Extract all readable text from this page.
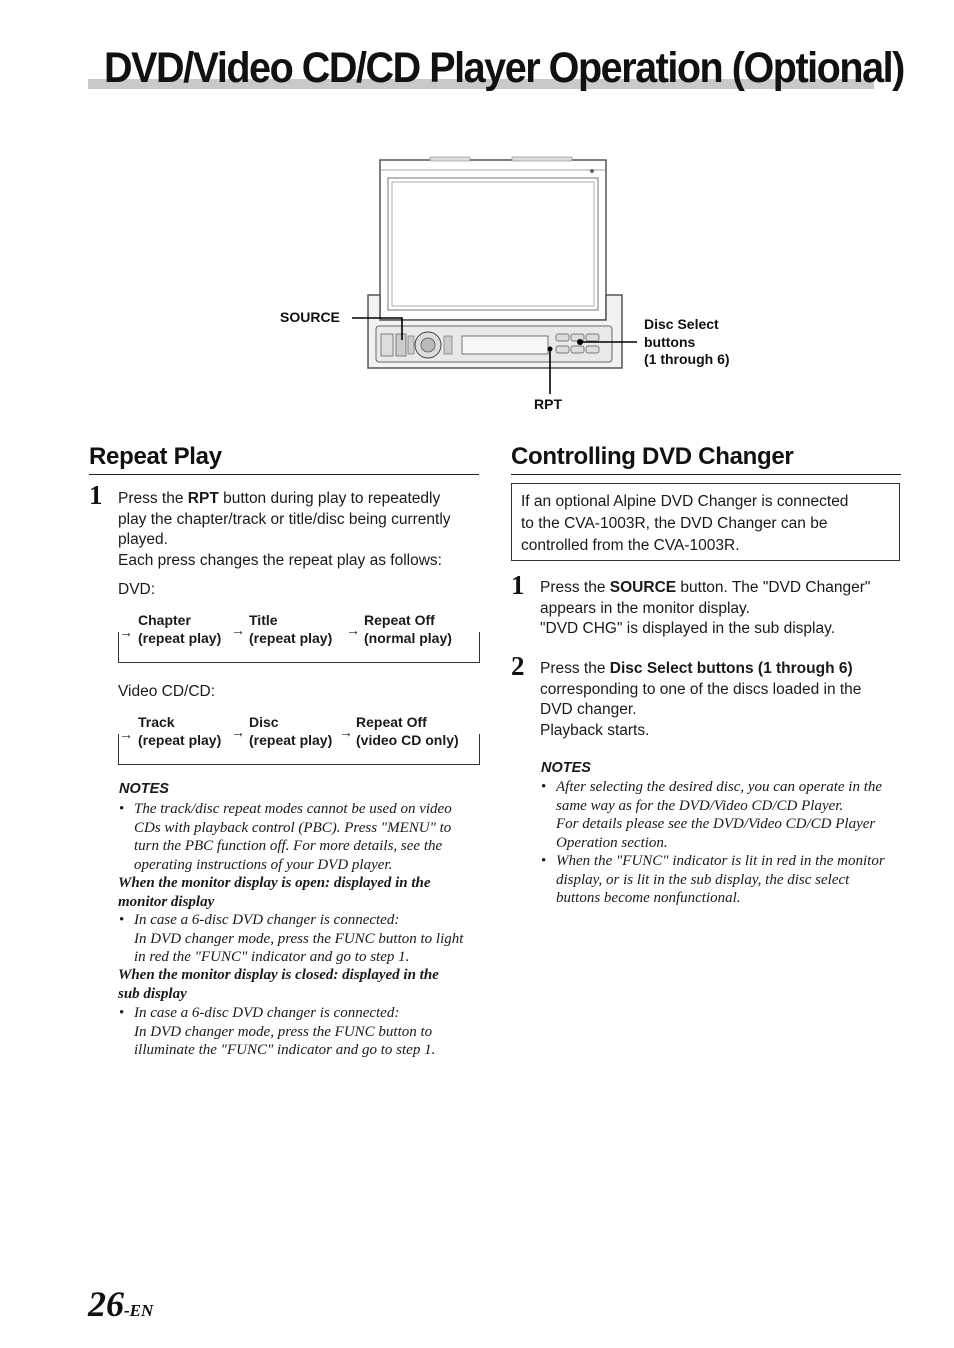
DVD/Video CD/CD Player Operation (Optional)
SOURCE	Disc Select
buttons
(1 through 6)
RPT
Repeat Play
1 Press the RPT button during play to repeatedly
play the chapter/track or title/disc being currently
played.
Each press changes the repeat play as follows:
DVD:
→
Chapter
(repeat play) →
Title
(repeat play) →
Repeat Off
(normal play)
Video CD/CD:
→
Track
(repeat play) →
Disc
(repeat play) →
Repeat Off
(video CD only)
NOTES
• The track/disc repeat modes cannot be used on video
CDs with playback control (PBC). Press "MENU" to
turn the PBC function off. For more details, see the
operating instructions of your DVD player.
When the monitor display is open: displayed in the
monitor display
• In case a 6-disc DVD changer is connected:
In DVD changer mode, press the FUNC button to light
in red the "FUNC" indicator and go to step 1.
When the monitor display is closed: displayed in the
sub display
• In case a 6-disc DVD changer is connected:
In DVD changer mode, press the FUNC button to
illuminate the "FUNC" indicator and go to step 1.
Controlling DVD Changer
If an optional Alpine DVD Changer is connected
to the CVA-1003R, the DVD Changer can be
controlled from the CVA-1003R.
1 Press the SOURCE button. The "DVD Changer"
appears in the monitor display.
"DVD CHG" is displayed in the sub display.
2 Press the Disc Select buttons (1 through 6)
corresponding to one of the discs loaded in the
DVD changer.
Playback starts.
NOTES
• After selecting the desired disc, you can operate in the
same way as for the DVD/Video CD/CD Player.
For details please see the DVD/Video CD/CD Player
Operation section.
• When the "FUNC" indicator is lit in red in the monitor
display, or is lit in the sub display, the disc select
buttons become nonfunctional.
26-EN
